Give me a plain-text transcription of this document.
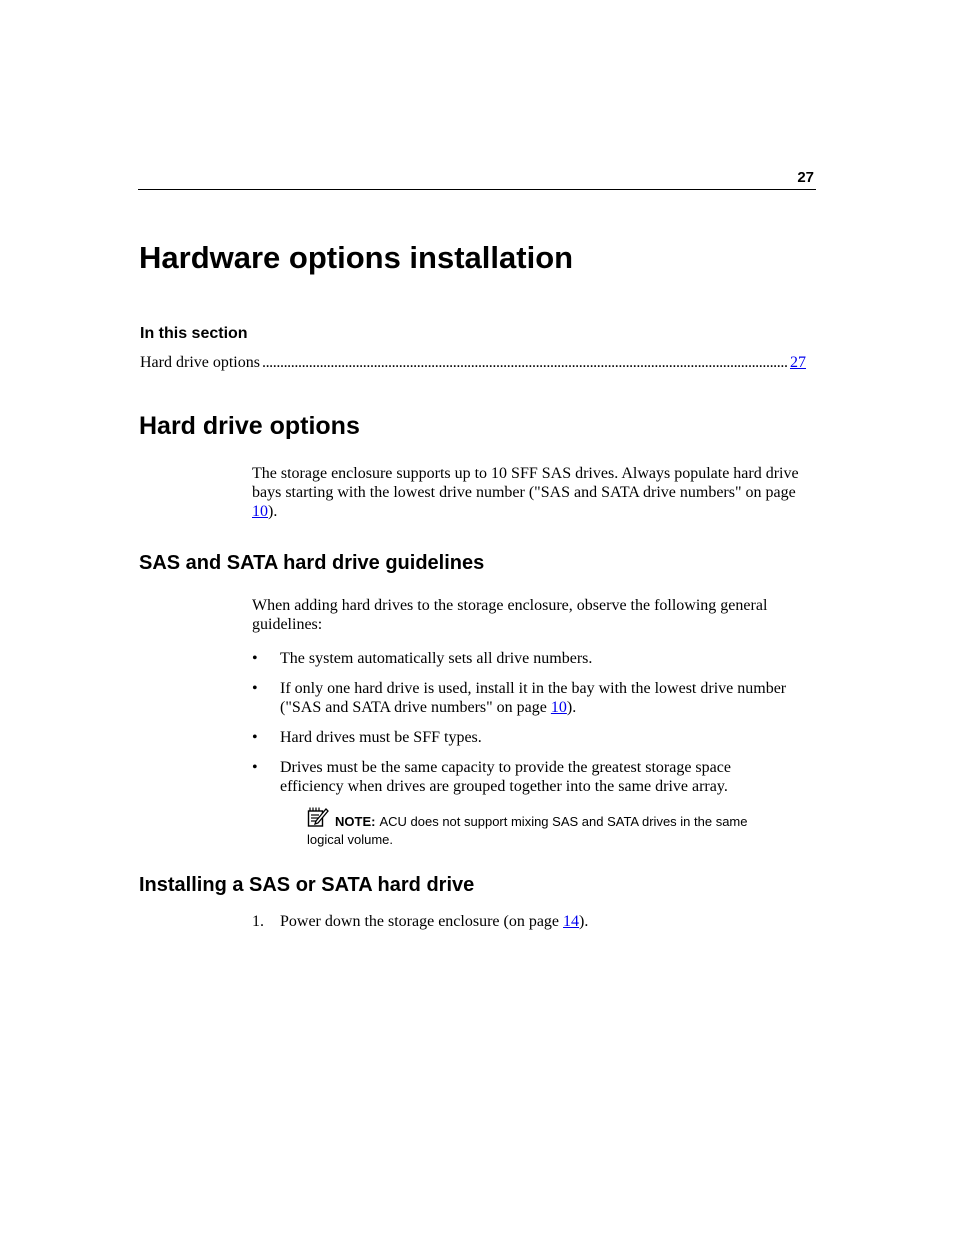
27
Hardware options installation
In this section
Hard drive options
. . .	27
Hard drive options

The storage enclosure supports up to 10 SFF SAS drives. Always populate hard drive bays starting with the lowest drive number ("SAS and SATA drive numbers" on page 10).

SAS and SATA hard drive guidelines

When adding hard drives to the storage enclosure, observe the following general guidelines:

• The system automatically sets all drive numbers.
• If only one hard drive is used, install it in the bay with the lowest drive number ("SAS and SATA drive numbers" on page 10).
• Hard drives must be SFF types.
• Drives must be the same capacity to provide the greatest storage space efficiency when drives are grouped together into the same drive array.
NOTE: ACU does not support mixing SAS and SATA drives in the same logical volume.
Installing a SAS or SATA hard drive
1. Power down the storage enclosure (on page 14).
